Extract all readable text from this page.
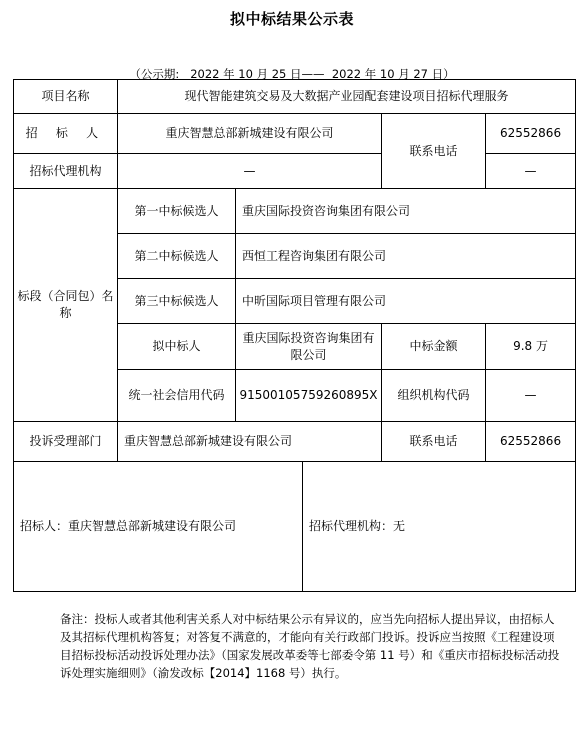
拟中标结果公示表
（公示期: 2022 年 10 月 25 日—— 2022 年 10 月 27 日）
项目名称	现代智能建筑交易及大数据产业园配套建设项目招标代理服务				
招 标 人	重庆智慧总部新城建设有限公司			联系电话	62552866
招标代理机构	—				—
标段（合同包）名称	第一中标候选人	重庆国际投资咨询集团有限公司			
	第二中标候选人	西恒工程咨询集团有限公司			
	第三中标候选人	中昕国际项目管理有限公司			
	拟中标人	重庆国际投资咨询集团有限公司		中标金额	9.8 万
	统一社会信用代码	91500105759260895X		组织机构代码	—
投诉受理部门	重庆智慧总部新城建设有限公司			联系电话	62552866
招标人：重庆智慧总部新城建设有限公司			招标代理机构：无		
备注：投标人或者其他利害关系人对中标结果公示有异议的，应当先向招标人提出异议，由招标人及其招标代理机构答复；对答复不满意的，才能向有关行政部门投诉。投诉应当按照《工程建设项目招标投标活动投诉处理办法》（国家发展改革委等七部委令第 11 号）和《重庆市招标投标活动投诉处理实施细则》（渝发改标【2014】1168 号）执行。
